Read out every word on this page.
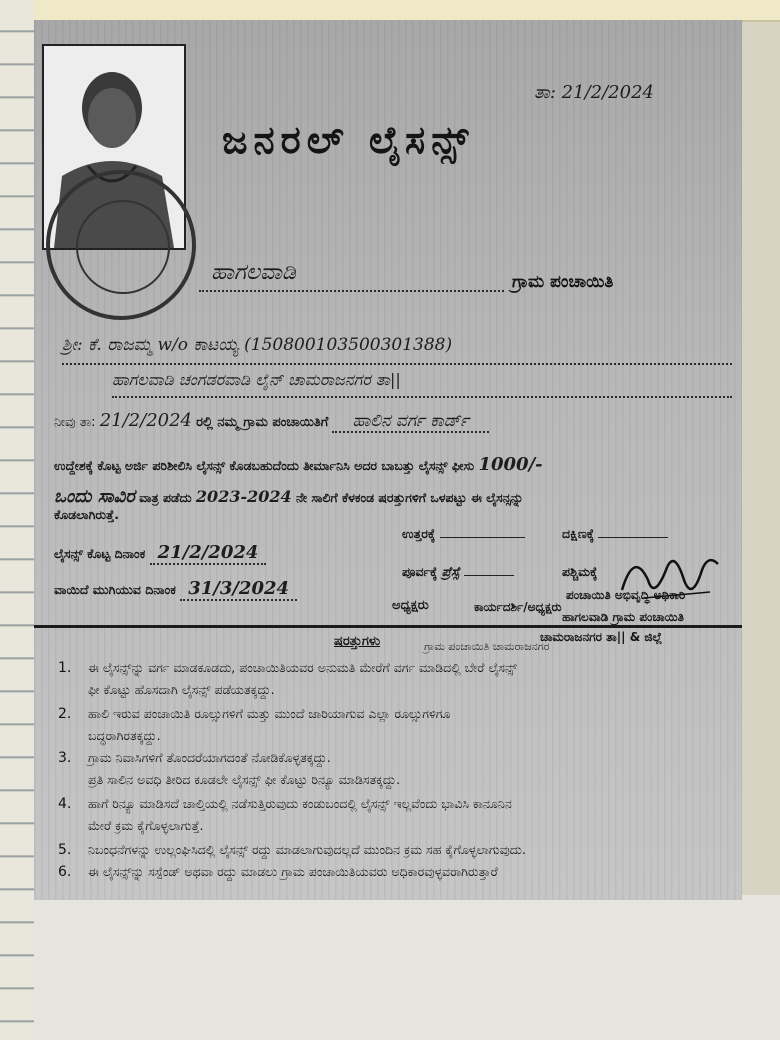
ತಾ: 21/2/2024
ಜನರಲ್ ಲೈಸನ್ಸ್
ಹಾಗಲವಾಡಿ	ಗ್ರಾಮ ಪಂಚಾಯಿತಿ
ಶ್ರೀ: ಕೆ. ರಾಜಮ್ಮ w/o ಕಾಟಯ್ಯ (150800103500301388)
ಹಾಗಲವಾಡಿ ಚಂಗಡರವಾಡಿ ಲೈನ್ ಚಾಮರಾಜನಗರ ತಾ||
ನೀವು ತಾ: 21/2/2024 ರಲ್ಲಿ ನಮ್ಮ ಗ್ರಾಮ ಪಂಚಾಯಿತಿಗೆ ಹಾಲಿನ ವರ್ಗ ಕಾರ್ಡ್
ಉದ್ದೇಶಕ್ಕೆ ಕೊಟ್ಟ ಅರ್ಜಿ ಪರಿಶೀಲಿಸಿ ಲೈಸನ್ಸ್ ಕೊಡಬಹುದೆಂದು ತೀರ್ಮಾನಿಸಿ ಅದರ ಬಾಬತ್ತು ಲೈಸನ್ಸ್ ಫೀಸು 1000/-
ಒಂದು ಸಾವಿರ ವಾತ್ರ ಪಡೆದು 2023-2024 ನೇ ಸಾಲಿಗೆ ಕೆಳಕಂಡ ಷರತ್ತುಗಳಿಗೆ ಒಳಪಟ್ಟು ಈ ಲೈಸನ್ಸನ್ನು
ಕೊಡಲಾಗಿರುತ್ತೆ.
ಲೈಸನ್ಸ್ ಕೊಟ್ಟ ದಿನಾಂಕ 21/2/2024
ವಾಯಿದೆ ಮುಗಿಯುವ ದಿನಾಂಕ 31/3/2024
ಉತ್ತರಕ್ಕೆ	ದಕ್ಷಿಣಕ್ಕೆ
ಪೂರ್ವಕ್ಕೆ ಪ್ರೆಸ್ಸೆ	ಪಶ್ಚಿಮಕ್ಕೆ
ಅಧ್ಯಕ್ಷರು	ಕಾರ್ಯದರ್ಶಿ/ಅಧ್ಯಕ್ಷರು
ಪಂಚಾಯಿತಿ ಅಭಿವೃದ್ಧಿ ಅಧಿಕಾರಿ
ಹಾಗಲವಾಡಿ ಗ್ರಾಮ ಪಂಚಾಯಿತಿ
ಚಾಮರಾಜನಗರ ತಾ|| & ಜಿಲ್ಲೆ
ಷರತ್ತುಗಳು	ಗ್ರಾಮ ಪಂಚಾಯಿತಿ ಚಾಮರಾಜನಗರ
1. ಈ ಲೈಸನ್ಸ್‌ನ್ನು ವರ್ಗ ಮಾಡಕೂಡದು, ಪಂಚಾಯಿತಿಯವರ ಅನುಮತಿ ಮೇರೆಗೆ ವರ್ಗ ಮಾಡಿದಲ್ಲಿ ಬೇರೆ ಲೈಸನ್ಸ್
ಫೀ ಕೊಟ್ಟು ಹೊಸದಾಗಿ ಲೈಸನ್ಸ್ ಪಡೆಯತಕ್ಕದ್ದು.
2. ಹಾಲಿ ಇರುವ ಪಂಚಾಯಿತಿ ರೂಲ್ಸುಗಳಿಗೆ ಮತ್ತು ಮುಂದೆ ಜಾರಿಯಾಗುವ ಎಲ್ಲಾ ರೂಲ್ಸುಗಳಿಗೂ
ಬದ್ಧರಾಗಿರತಕ್ಕದ್ದು.
3. ಗ್ರಾಮ ನಿವಾಸಿಗಳಿಗೆ ತೊಂದರೆಯಾಗದಂತೆ ನೋಡಿಕೊಳ್ಳತಕ್ಕದ್ದು.
ಪ್ರತಿ ಸಾಲಿನ ಅವಧಿ ತೀರಿದ ಕೂಡಲೇ ಲೈಸನ್ಸ್ ಫೀ ಕೊಟ್ಟು ರಿನ್ಯೂ ಮಾಡಿಸತಕ್ಕದ್ದು.
4. ಹಾಗೆ ರಿನ್ಯೂ ಮಾಡಿಸದೆ ಚಾಲ್ತಿಯಲ್ಲಿ ನಡೆಸುತ್ತಿರುವುದು ಕಂಡುಬಂದಲ್ಲಿ ಲೈಸನ್ಸ್ ಇಲ್ಲವೆಂದು ಭಾವಿಸಿ ಕಾನೂನಿನ
ಮೇರೆ ಕ್ರಮ ಕೈಗೊಳ್ಳಲಾಗುತ್ತೆ.
5. ನಿಬಂಧನೆಗಳನ್ನು ಉಲ್ಲಂಘಿಸಿದಲ್ಲಿ ಲೈಸನ್ಸ್ ರದ್ದು ಮಾಡಲಾಗುವುದಲ್ಲದೆ ಮುಂದಿನ ಕ್ರಮ ಸಹ ಕೈಗೊಳ್ಳಲಾಗುವುದು.
6. ಈ ಲೈಸನ್ಸ್‌ನ್ನು ಸಸ್ಪೆಂಡ್ ಅಥವಾ ರದ್ದು ಮಾಡಲು ಗ್ರಾಮ ಪಂಚಾಯಿತಿಯವರು ಅಧಿಕಾರವುಳ್ಳವರಾಗಿರುತ್ತಾರೆ
